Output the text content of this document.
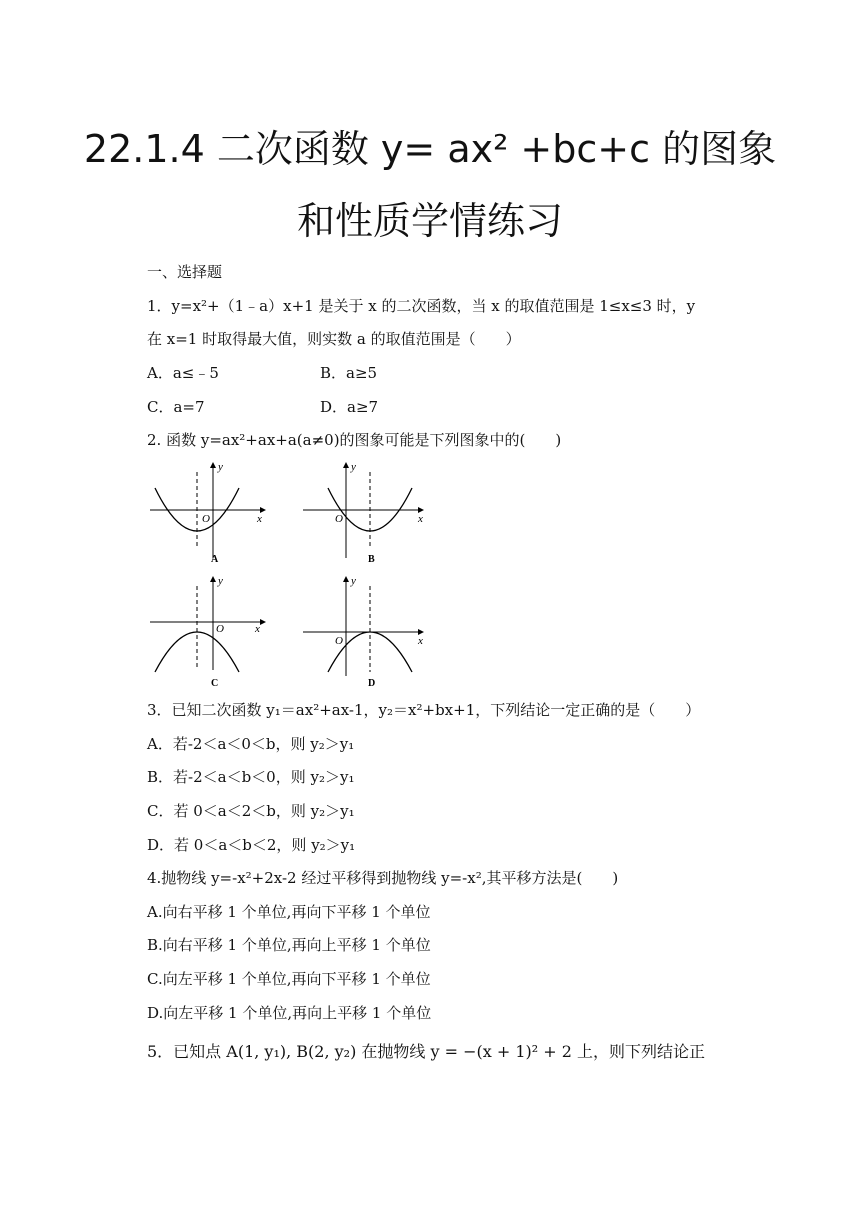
22.1.4 二次函数 y= ax² +bc+c 的图象
和性质学情练习
一、选择题
1．y=x²+（1﹣a）x+1 是关于 x 的二次函数，当 x 的取值范围是 1≤x≤3 时，y
在 x=1 时取得最大值，则实数 a 的取值范围是（　　）
A．a≤﹣5	B．a≥5
C．a=7	D．a≥7
2. 函数 y=ax²+ax+a(a≠0)的图象可能是下列图象中的(　　)
y
x
O
A
y
x
O
B
y
x
O
C
y
x
O
D
3．已知二次函数 y₁＝ax²+ax-1，y₂＝x²+bx+1，下列结论一定正确的是（　　）
A．若-2＜a＜0＜b，则 y₂＞y₁
B．若-2＜a＜b＜0，则 y₂＞y₁
C．若 0＜a＜2＜b，则 y₂＞y₁
D．若 0＜a＜b＜2，则 y₂＞y₁
4.抛物线 y=-x²+2x-2 经过平移得到抛物线 y=-x²,其平移方法是(　　)
A.向右平移 1 个单位,再向下平移 1 个单位
B.向右平移 1 个单位,再向上平移 1 个单位
C.向左平移 1 个单位,再向下平移 1 个单位
D.向左平移 1 个单位,再向上平移 1 个单位
5．已知点 A(1, y₁), B(2, y₂) 在抛物线 y = −(x + 1)² + 2 上，则下列结论正
